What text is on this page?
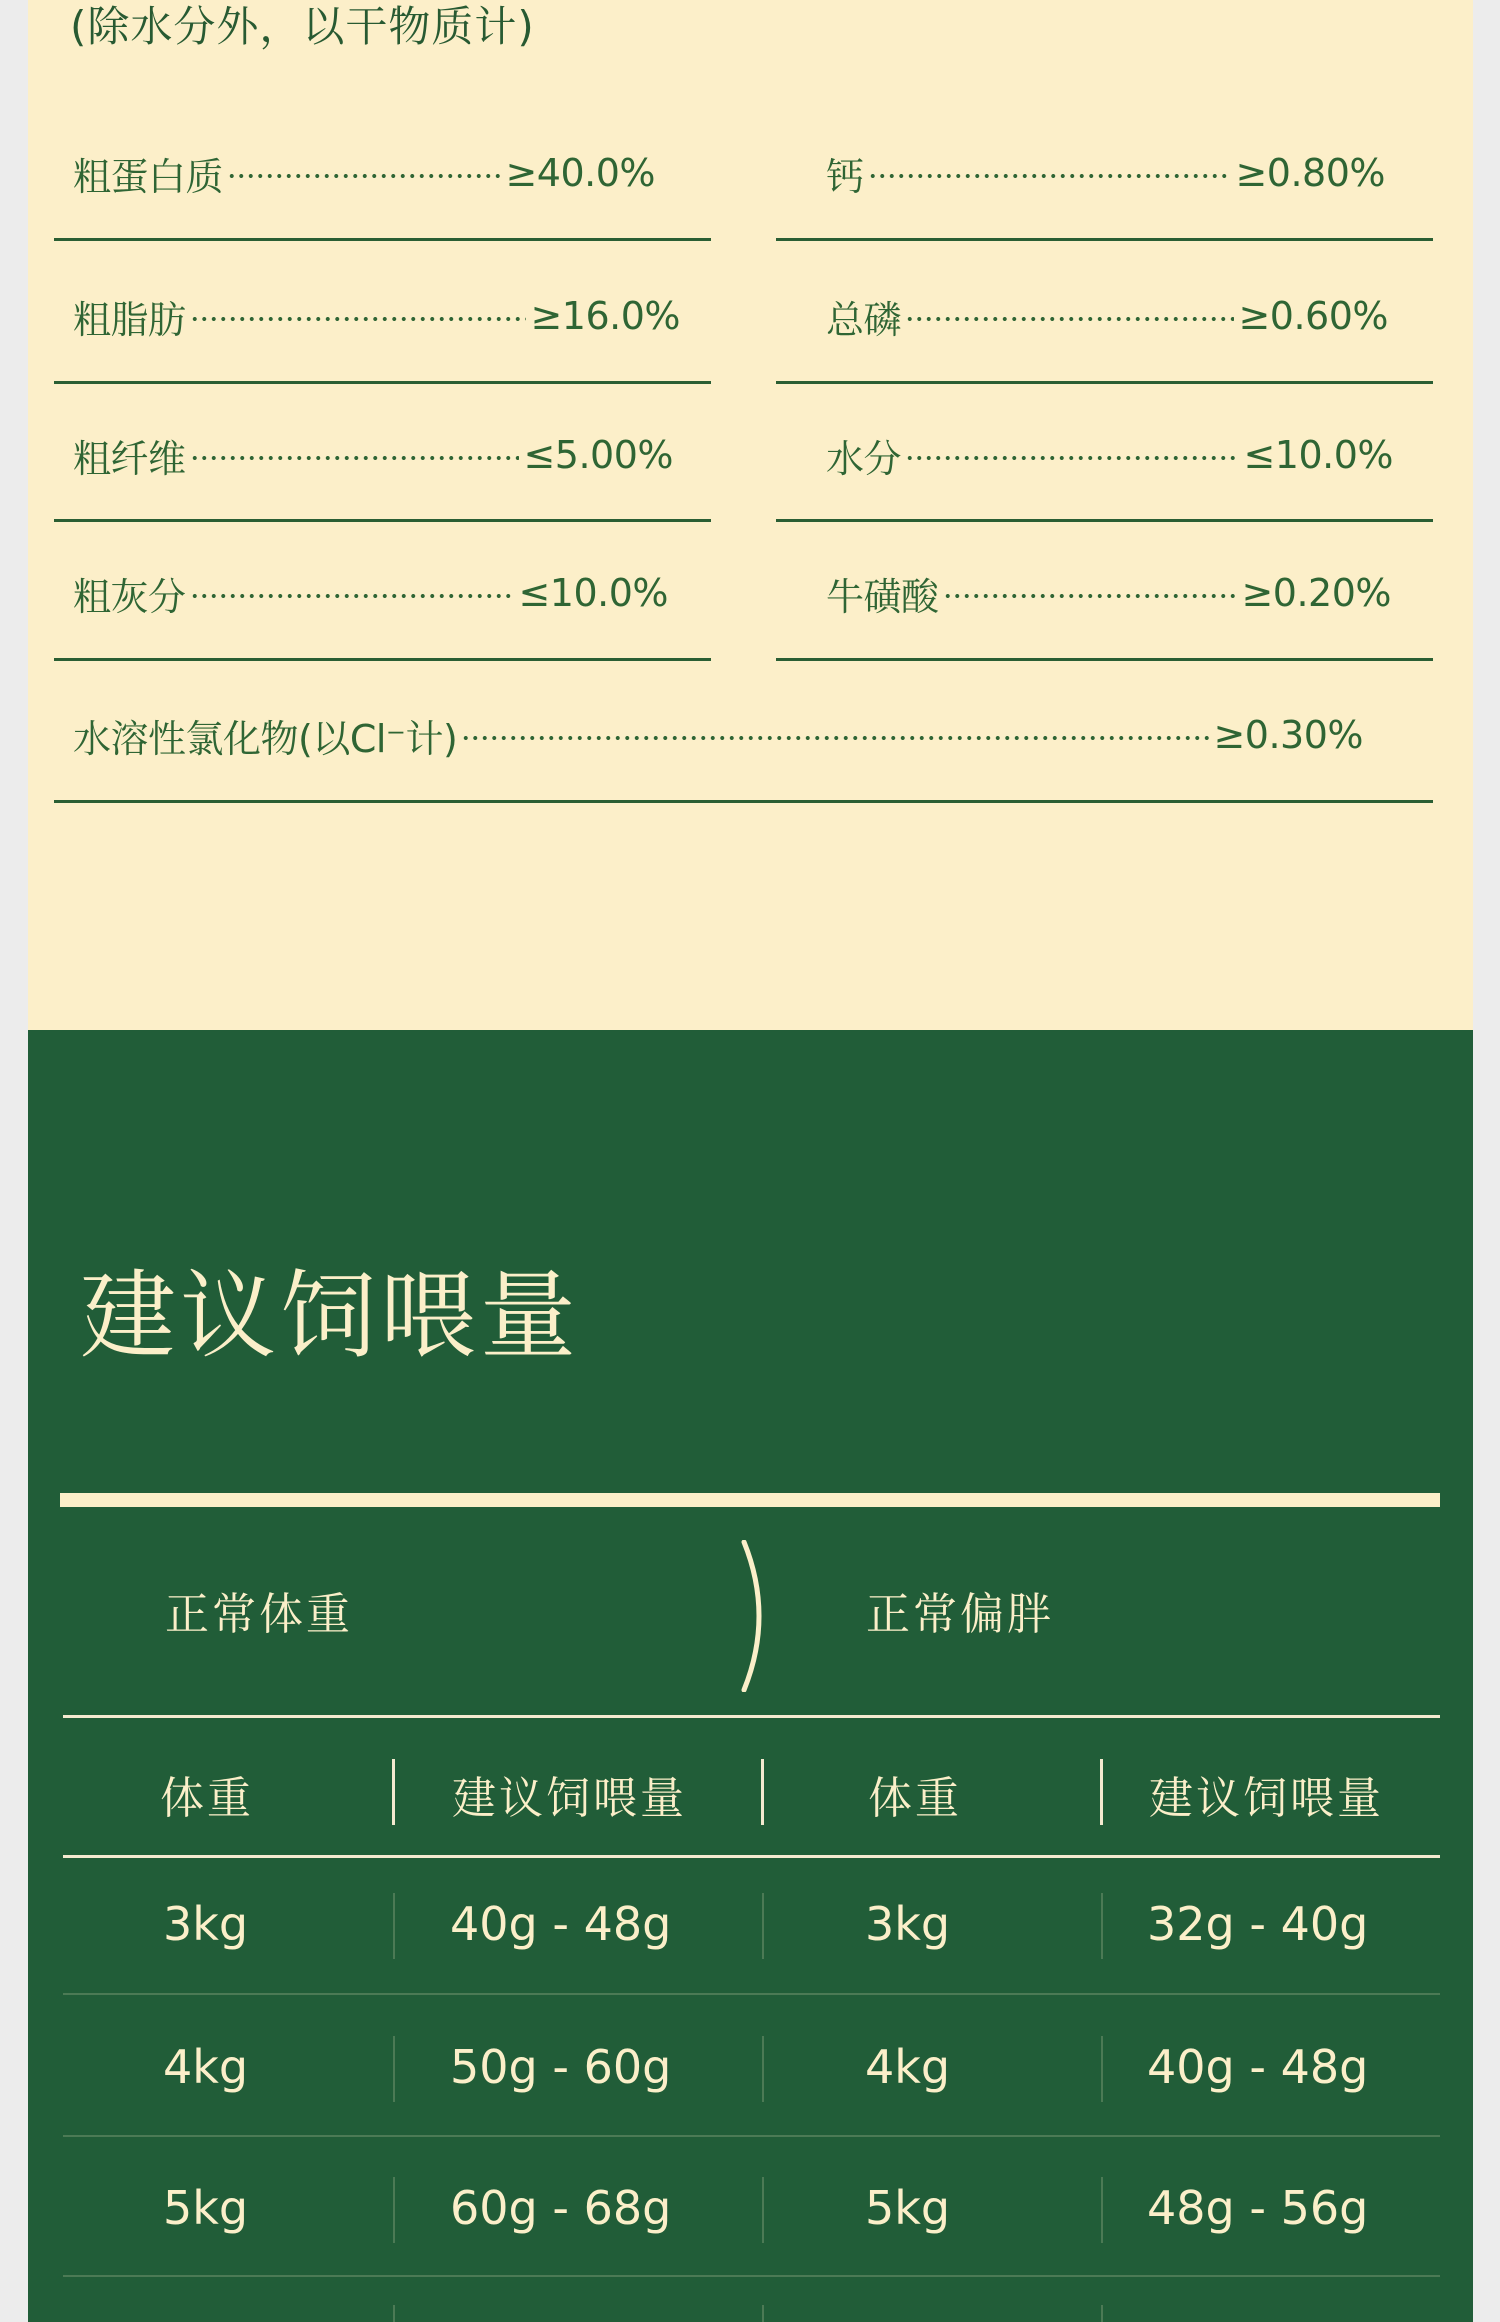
(除水分外，以干物质计)
粗蛋白质	≥40.0%
粗脂肪	≥16.0%
粗纤维	≤5.00%
粗灰分	≤10.0%
钙	≥0.80%
总磷	≥0.60%
水分	≤10.0%
牛磺酸	≥0.20%
水溶性氯化物(以Cl⁻计)	≥0.30%
建议饲喂量
正常体重	正常偏胖
体重	建议饲喂量	体重	建议饲喂量
3kg	40g - 48g	3kg	32g - 40g
4kg	50g - 60g	4kg	40g - 48g
5kg	60g - 68g	5kg	48g - 56g
